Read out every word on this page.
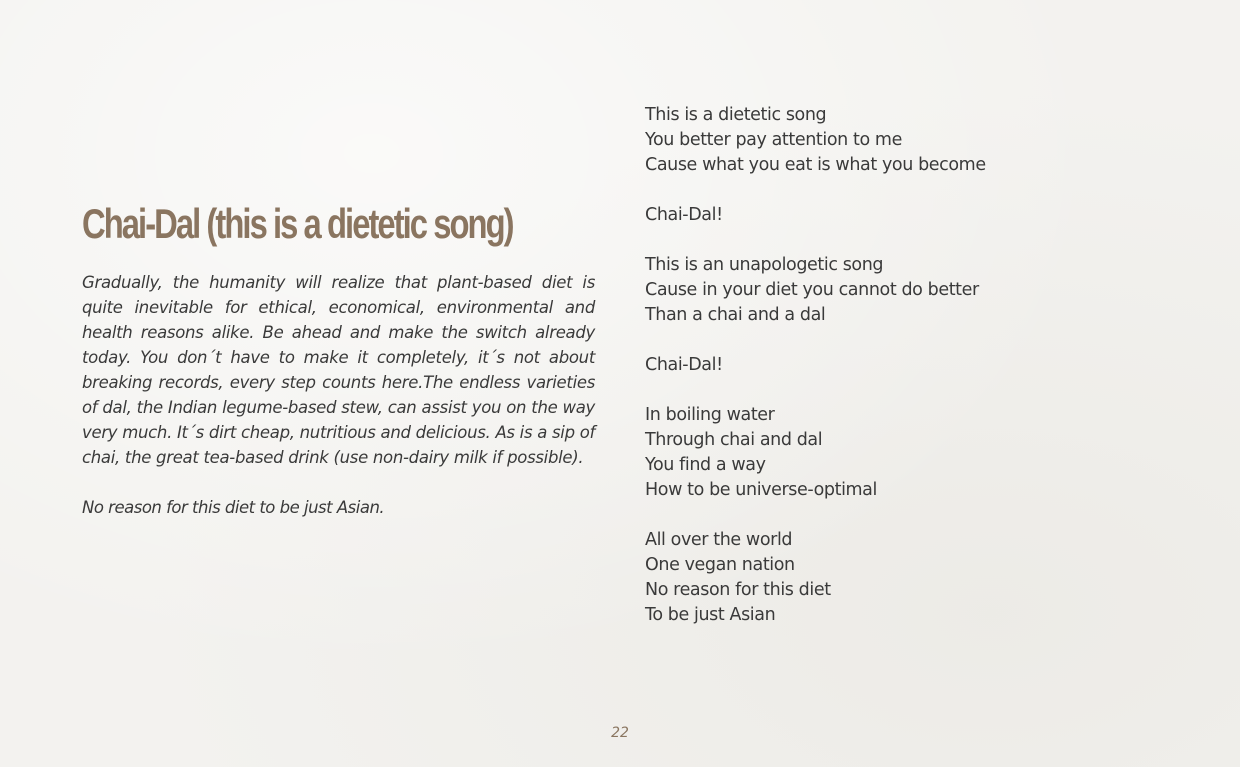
Chai-Dal (this is a dietetic song)

Gradually, the humanity will realize that plant-based diet is quite inevitable for ethical, economical, environmental and health reasons alike. Be ahead and make the switch already today. You don´t have to make it completely, it´s not about breaking records, every step counts here.The endless varieties of dal, the Indian legume-based stew, can assist you on the way very much. It´s dirt cheap, nutritious and delicious. As is a sip of chai, the great tea-based drink (use non-dairy milk if possible).

No reason for this diet to be just Asian.

This is a dietetic song
You better pay attention to me
Cause what you eat is what you become
Chai-Dal!
This is an unapologetic song
Cause in your diet you cannot do better
Than a chai and a dal
Chai-Dal!
In boiling water
Through chai and dal
You find a way
How to be universe-optimal
All over the world
One vegan nation
No reason for this diet
To be just Asian
22
